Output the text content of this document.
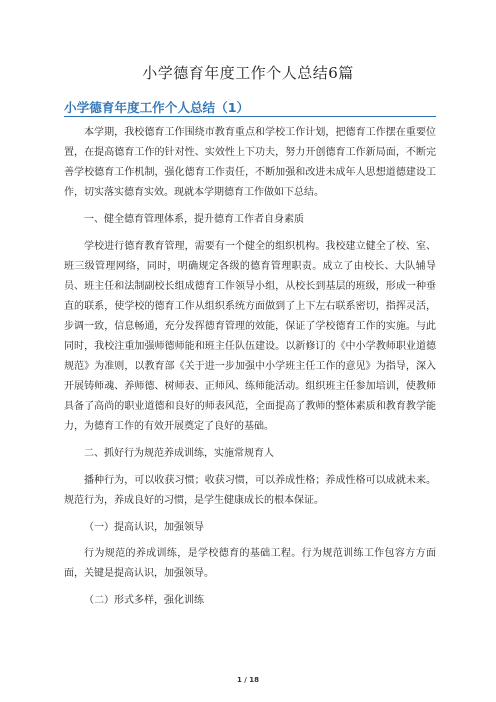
小学德育年度工作个人总结6篇
小学德育年度工作个人总结（1）

本学期，我校德育工作围绕市教育重点和学校工作计划，把德育工作摆在重要位置，在提高德育工作的针对性、实效性上下功夫，努力开创德育工作新局面，不断完善学校德育工作机制，强化德育工作责任，不断加强和改进未成年人思想道德建设工作，切实落实德育实效。现就本学期德育工作做如下总结。

一、健全德育管理体系，提升德育工作者自身素质

学校进行德育教育管理，需要有一个健全的组织机构。我校建立健全了校、室、班三级管理网络，同时，明确规定各级的德育管理职责。成立了由校长、大队辅导员、班主任和法制副校长组成德育工作领导小组，从校长到基层的班级，形成一种垂直的联系，使学校的德育工作从组织系统方面做到了上下左右联系密切，指挥灵活，步调一致，信息畅通，充分发挥德育管理的效能，保证了学校德育工作的实施。与此同时，我校注重加强师德师能和班主任队伍建设。以新修订的《中小学教师职业道德规范》为准则，以教育部《关于进一步加强中小学班主任工作的意见》为指导，深入开展铸师魂、养师德、树师表、正师风、练师能活动。组织班主任参加培训，使教师具备了高尚的职业道德和良好的师表风范，全面提高了教师的整体素质和教育教学能力，为德育工作的有效开展奠定了良好的基础。

二、抓好行为规范养成训练，实施常规育人

播种行为，可以收获习惯；收获习惯，可以养成性格；养成性格可以成就未来。规范行为，养成良好的习惯，是学生健康成长的根本保证。

（一）提高认识，加强领导

行为规范的养成训练，是学校德育的基础工程。行为规范训练工作包容方方面面，关键是提高认识，加强领导。

（二）形式多样，强化训练

1 / 18
